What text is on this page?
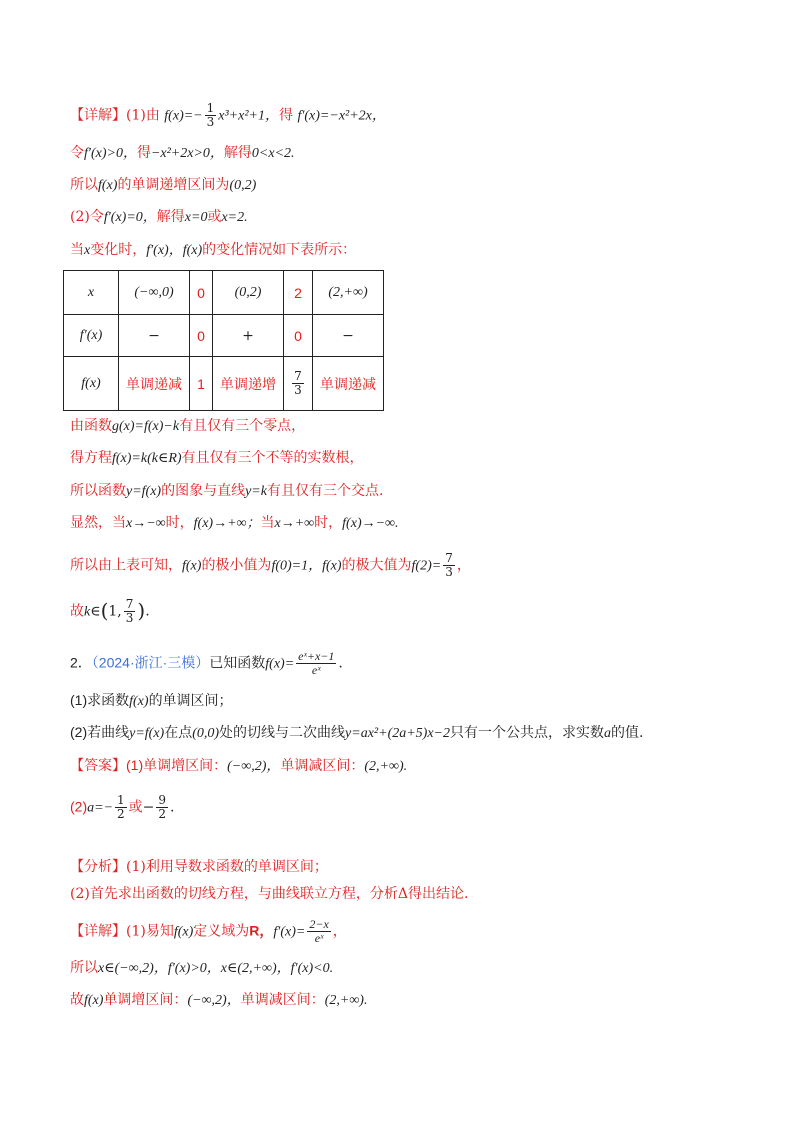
【详解】(1)由 $f(x)=- \frac{1}{3} x^3+x^2+1$，得 f′(x)=−x²+2x，
令f′(x)>0，得−x²+2x>0，解得0<x<2.
所以f(x)的单调递增区间为(0,2)
(2)令f′(x)=0，解得x=0或x=2.
当x变化时，f′(x)，f(x)的变化情况如下表所示：
x	(−∞,0)	0	(0,2)	2	(2,+∞)
f′(x)	−	0	+	0	−
f(x)	单调递减	1	单调递增	$\frac{7}{3}$	单调递减
由函数g(x)=f(x)−k有且仅有三个零点，
得方程f(x)=k(k∈R)有且仅有三个不等的实数根，
所以函数y=f(x)的图象与直线y=k有且仅有三个交点.
显然，当x→−∞时，f(x)→+∞；当x→+∞时，f(x)→−∞.
所以由上表可知，f(x)的极小值为f(0)=1，f(x)的极大值为$f(2)= \frac{7}{3}$ ，
故k∈(1, $\frac{7}{3}$ ).
2．（2024·浙江·三模）已知函数$f(x)= \frac{\text{eˣ+x−1}}{\text{eˣ}}$ .
(1)求函数f(x)的单调区间；
(2)若曲线y=f(x)在点(0,0)处的切线与二次曲线y=ax²+(2a+5)x−2只有一个公共点，求实数a的值.
【答案】(1)单调增区间：(−∞,2)，单调减区间：(2,+∞).
$(2)a=- \frac{1}{2}$ 或− $\frac{9}{2}$ .
【分析】(1)利用导数求函数的单调区间；
(2)首先求出函数的切线方程，与曲线联立方程，分析Δ得出结论.
【详解】(1)易知f(x)定义域为R，$f'(x)= \frac{2-x}{\text{eˣ}}$ ，
所以x∈(−∞,2)，f′(x)>0，x∈(2,+∞)，f′(x)<0.
故f(x)单调增区间：(−∞,2)，单调减区间：(2,+∞).
